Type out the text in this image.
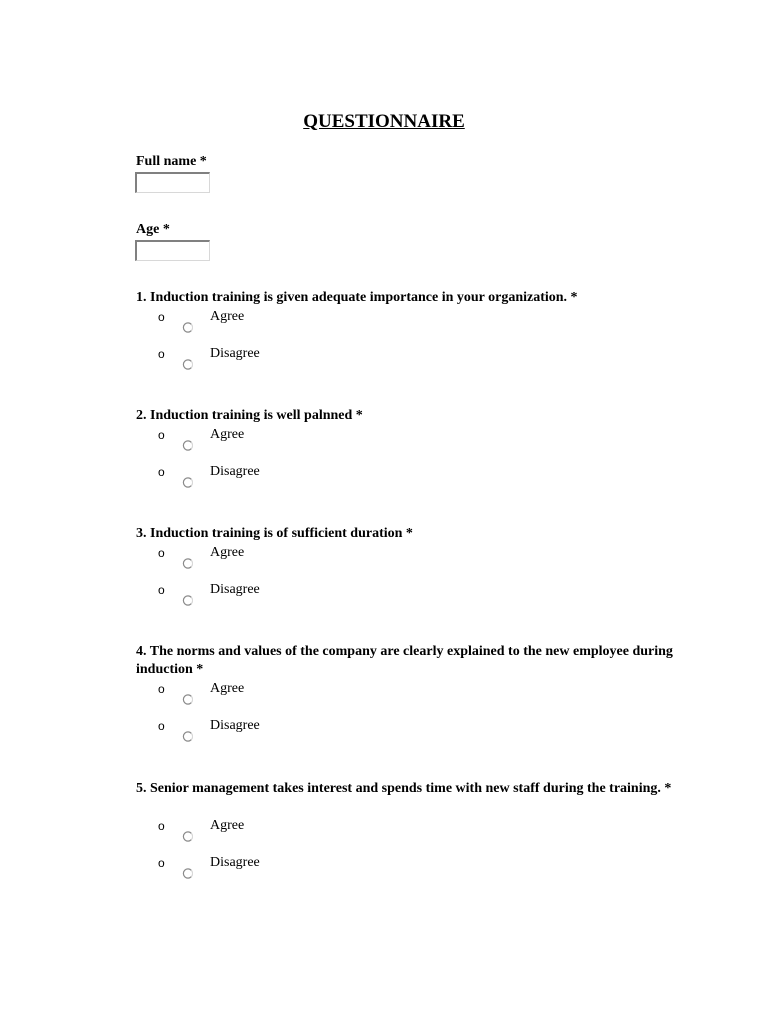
QUESTIONNAIRE
Full name *
Age *
1. Induction training is given adequate importance in your organization. *
o	Agree
o	Disagree
2. Induction training is well palnned *
o	Agree
o	Disagree
3. Induction training is of sufficient duration *
o	Agree
o	Disagree
4. The norms and values of the company are clearly explained to the new employee during induction *
o	Agree
o	Disagree
5. Senior management takes interest and spends time with new staff during the training. *
o	Agree
o	Disagree
